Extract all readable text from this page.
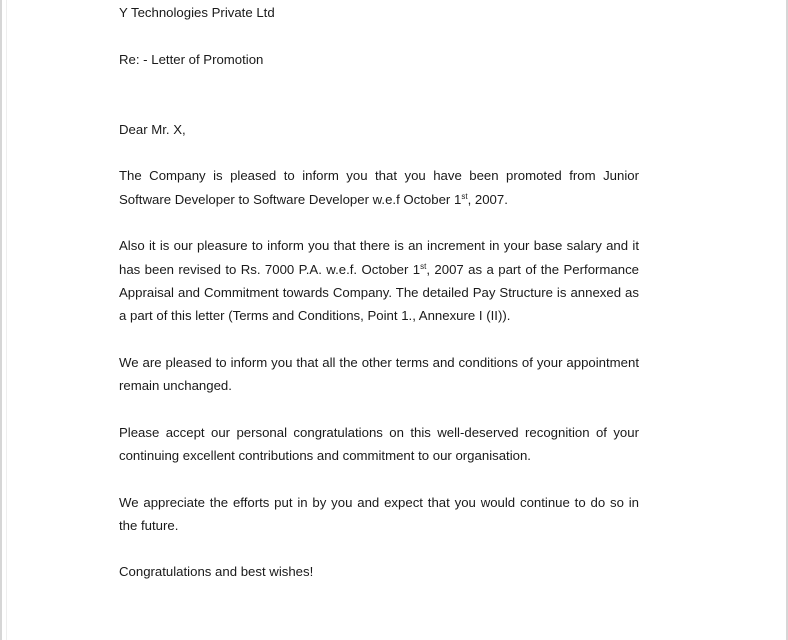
Y Technologies Private Ltd
Re: - Letter of Promotion
Dear Mr. X,

The Company is pleased to inform you that you have been promoted from Junior Software Developer to Software Developer w.e.f October 1st, 2007.

Also it is our pleasure to inform you that there is an increment in your base salary and it has been revised to Rs. 7000 P.A. w.e.f. October 1st, 2007 as a part of the Performance Appraisal and Commitment towards Company. The detailed Pay Structure is annexed as a part of this letter (Terms and Conditions, Point 1., Annexure I (II)).

We are pleased to inform you that all the other terms and conditions of your appointment remain unchanged.

Please accept our personal congratulations on this well-deserved recognition of your continuing excellent contributions and commitment to our organisation.

We appreciate the efforts put in by you and expect that you would continue to do so in the future.

Congratulations and best wishes!
